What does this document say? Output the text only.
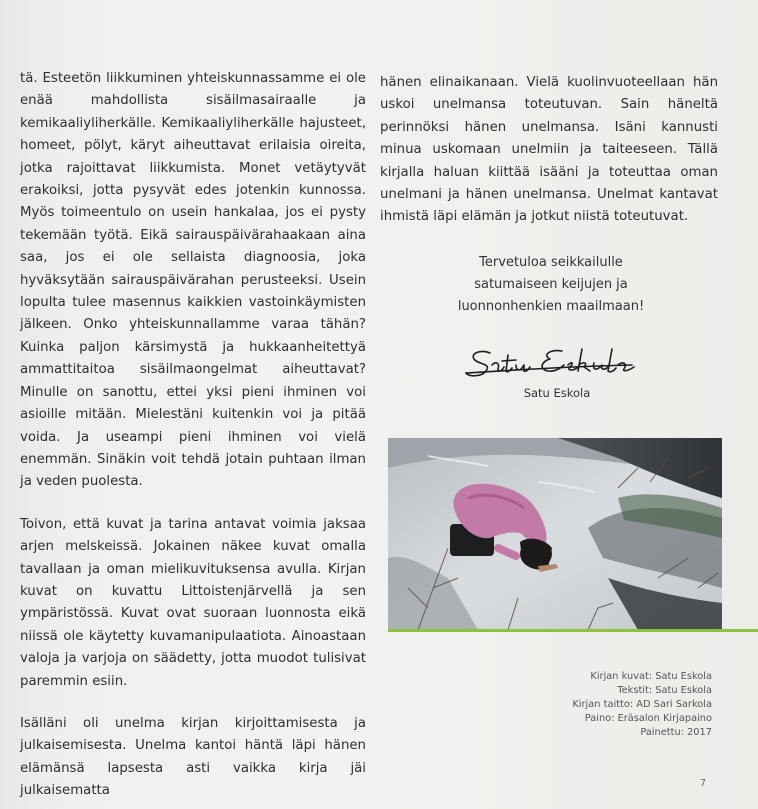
tä. Esteetön liikkuminen yhteiskunnassamme ei ole enää mahdollista sisäilmasairaalle ja kemikaaliyliherkälle. Kemikaaliyliherkälle hajusteet, homeet, pölyt, käryt aiheuttavat erilaisia oireita, jotka rajoittavat liikkumista. Monet vetäytyvät erakoiksi, jotta pysyvät edes jotenkin kunnossa. Myös toimeentulo on usein hankalaa, jos ei pysty tekemään työtä. Eikä sairauspäivärahaakaan aina saa, jos ei ole sellaista diagnoosia, joka hyväksytään sairauspäivärahan perusteeksi. Usein lopulta tulee masennus kaikkien vastoinkäymisten jälkeen. Onko yhteiskunnallamme varaa tähän? Kuinka paljon kärsimystä ja hukkaanheitettyä ammattitaitoa sisäilmaongelmat aiheuttavat? Minulle on sanottu, ettei yksi pieni ihminen voi asioille mitään. Mielestäni kuitenkin voi ja pitää voida. Ja useampi pieni ihminen voi vielä enemmän. Sinäkin voit tehdä jotain puhtaan ilman ja veden puolesta.

Toivon, että kuvat ja tarina antavat voimia jaksaa arjen melskeissä. Jokainen näkee kuvat omalla tavallaan ja oman mielikuvituksensa avulla. Kirjan kuvat on kuvattu Littoistenjärvellä ja sen ympäristössä. Kuvat ovat suoraan luonnosta eikä niissä ole käytetty kuvamanipulaatiota. Ainoastaan valoja ja varjoja on säädetty, jotta muodot tulisivat paremmin esiin.

Isälläni oli unelma kirjan kirjoittamisesta ja julkaisemisesta. Unelma kantoi häntä läpi hänen elämänsä lapsesta asti vaikka kirja jäi julkaisematta

hänen elinaikanaan. Vielä kuolinvuoteellaan hän uskoi unelmansa toteutuvan. Sain häneltä perinnöksi hänen unelmansa. Isäni kannusti minua uskomaan unelmiin ja taiteeseen. Tällä kirjalla haluan kiittää isääni ja toteuttaa oman unelmani ja hänen unelmansa. Unelmat kantavat ihmistä läpi elämän ja jotkut niistä toteutuvat.

Tervetuloa seikkailulle
satumaiseen keijujen ja
luonnonhenkien maailmaan!
Satu Eskola
Kirjan kuvat: Satu Eskola
Tekstit: Satu Eskola
Kirjan taitto: AD Sari Sarkola
Paino: Eräsalon Kirjapaino
Painettu: 2017
7
